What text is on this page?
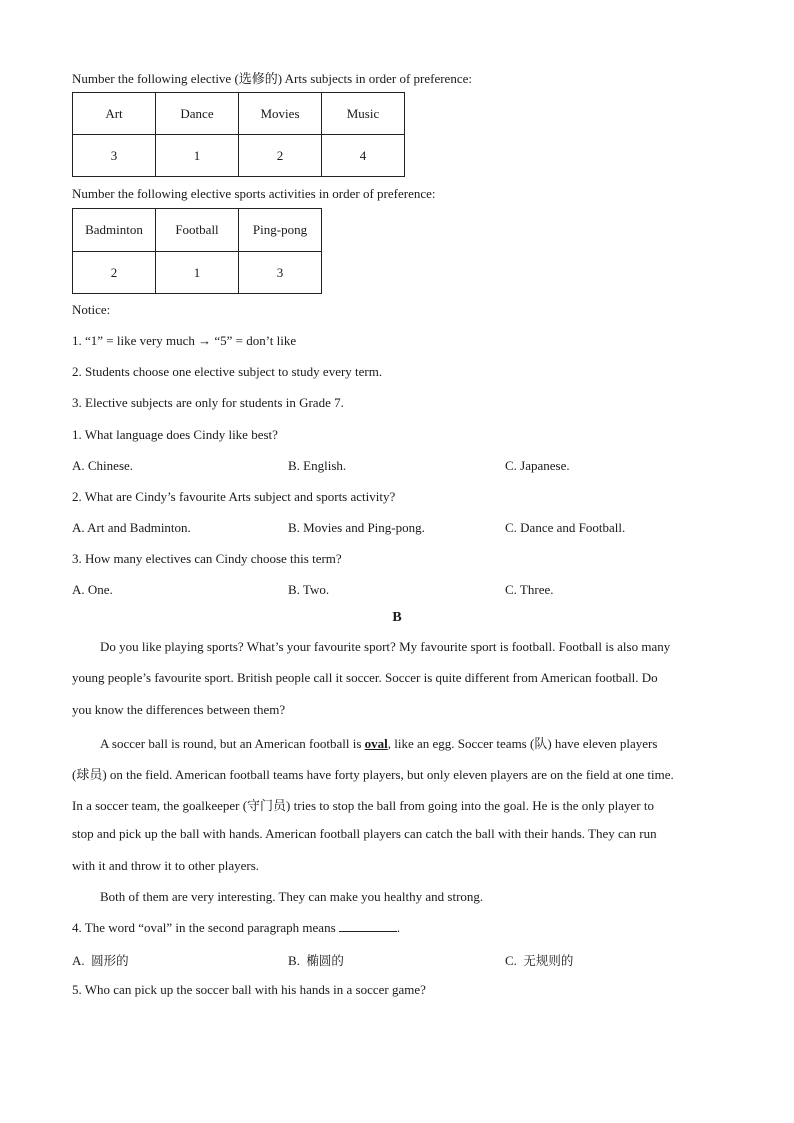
Number the following elective (选修的) Arts subjects in order of preference:
Art	Dance	Movies	Music
3	1	2	4
Number the following elective sports activities in order of preference:
Badminton	Football	Ping-pong
2	1	3
Notice:
1. “1” = like very much → “5” = don’t like
2. Students choose one elective subject to study every term.
3. Elective subjects are only for students in Grade 7.
1. What language does Cindy like best?
A. Chinese.	B. English.	C. Japanese.
2. What are Cindy’s favourite Arts subject and sports activity?
A. Art and Badminton.	B. Movies and Ping-pong.	C. Dance and Football.
3. How many electives can Cindy choose this term?
A. One.	B. Two.	C. Three.
B
Do you like playing sports? What’s your favourite sport? My favourite sport is football. Football is also many
young people’s favourite sport. British people call it soccer. Soccer is quite different from American football. Do
you know the differences between them?
A soccer ball is round, but an American football is oval, like an egg. Soccer teams (队) have eleven players
(球员) on the field. American football teams have forty players, but only eleven players are on the field at one time.
In a soccer team, the goalkeeper (守门员) tries to stop the ball from going into the goal. He is the only player to
stop and pick up the ball with hands. American football players can catch the ball with their hands. They can run
with it and throw it to other players.
Both of them are very interesting. They can make you healthy and strong.
4. The word “oval” in the second paragraph means	.
A. 圆形的	B. 椭圆的	C. 无规则的
5. Who can pick up the soccer ball with his hands in a soccer game?
